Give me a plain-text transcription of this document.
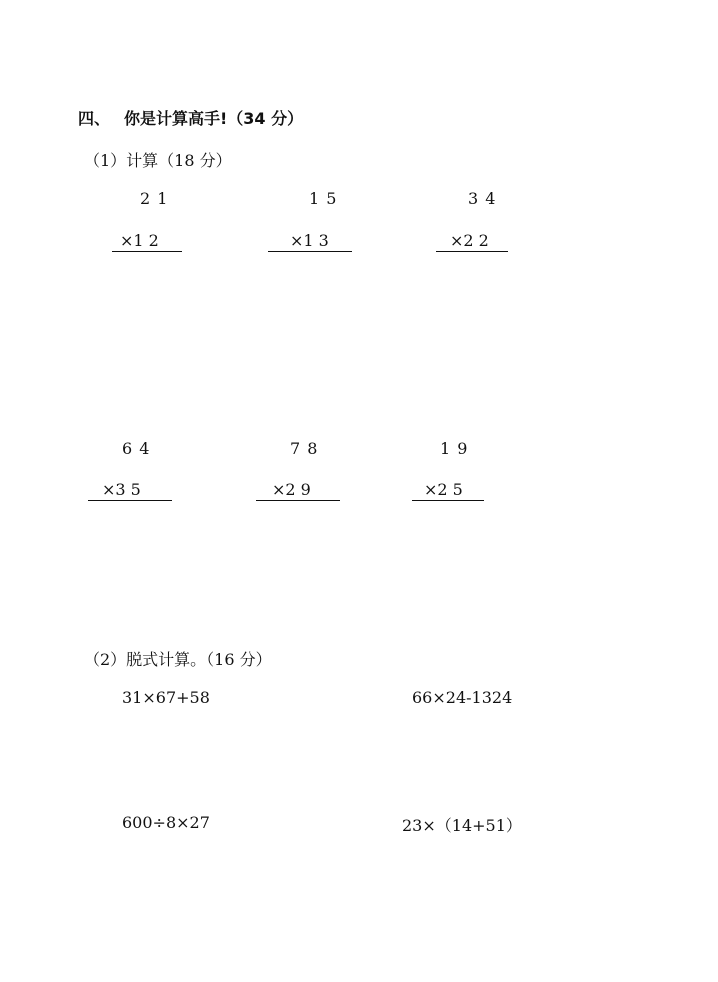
四、 你是计算高手!（34 分）
（1）计算（18 分）
2 1
×1 2
1 5
×1 3
3 4
×2 2
6 4
×3 5
7 8
×2 9
1 9
×2 5
（2）脱式计算。（16 分）
31×67+58	66×24-1324
600÷8×27	23×（14+51）
